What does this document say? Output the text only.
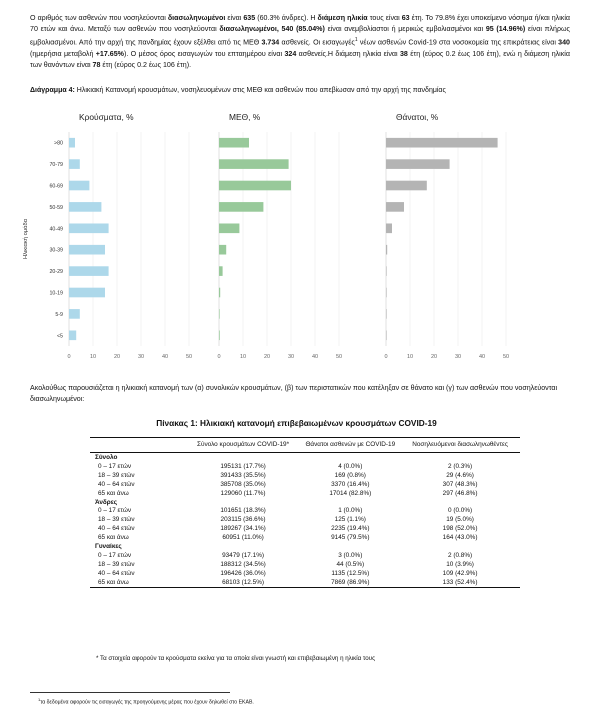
Ο αριθμός των ασθενών που νοσηλεύονται διασωληνωμένοι είναι 635 (60.3% άνδρες). Η διάμεση ηλικία τους είναι 63 έτη. Το 79.8% έχει υποκείμενο νόσημα ή/και ηλικία 70 ετών και άνω. Μεταξύ των ασθενών που νοσηλεύονται διασωληνωμένοι, 540 (85.04%) είναι ανεμβολίαστοι ή μερικώς εμβολιασμένοι και 95 (14.96%) είναι πλήρως εμβολιασμένοι. Από την αρχή της πανδημίας έχουν εξέλθει από τις ΜΕΘ 3.734 ασθενείς. Οι εισαγωγές$^1$ νέων ασθενών Covid-19 στα νοσοκομεία της επικράτειας είναι 340 (ημερήσια μεταβολή +17.65%). Ο μέσος όρος εισαγωγών του επταημέρου είναι 324 ασθενείς.Η διάμεση ηλικία είναι 38 έτη (εύρος 0.2 έως 106 έτη), ενώ η διάμεση ηλικία των θανόντων είναι 78 έτη (εύρος 0.2 έως 106 έτη).
Διάγραμμα 4: Ηλικιακή Κατανομή κρουσμάτων, νοσηλευομένων στις ΜΕΘ και ασθενών που απεβίωσαν από την αρχή της πανδημίας
0	10	20	30	40	50
Κρούσματα, %
0	10	20	30	40	50
ΜΕΘ, %
0	10	20	30	40	50
Θάνατοι, %
>80
70-79
60-69
50-59
40-49
30-39
20-29
10-19
5-9
<5
Ηλικιακή ομάδα
Ακολούθως παρουσιάζεται η ηλικιακή κατανομή των (α) συνολικών κρουσμάτων, (β) των περιστατικών που κατέληξαν σε θάνατο και (γ) των ασθενών που νοσηλεύονται διασωληνωμένοι:
Πίνακας 1: Ηλικιακή κατανομή επιβεβαιωμένων κρουσμάτων COVID-19
	Σύνολο κρουσμάτων COVID-19*	Θάνατοι ασθενών με COVID-19	Νοσηλευόμενοι διασωληνωθέντες
Σύνολο			
0 – 17 ετών	195131 (17.7%)	4 (0.0%)	2 (0.3%)
18 – 39 ετών	391433 (35.5%)	169 (0.8%)	29 (4.6%)
40 – 64 ετών	385708 (35.0%)	3370 (16.4%)	307 (48.3%)
65 και άνω	129060 (11.7%)	17014 (82.8%)	297 (46.8%)
Άνδρες			
0 – 17 ετών	101651 (18.3%)	1 (0.0%)	0 (0.0%)
18 – 39 ετών	203115 (36.6%)	125 (1.1%)	19 (5.0%)
40 – 64 ετών	189267 (34.1%)	2235 (19.4%)	198 (52.0%)
65 και άνω	60951 (11.0%)	9145 (79.5%)	164 (43.0%)
Γυναίκες			
0 – 17 ετών	93479 (17.1%)	3 (0.0%)	2 (0.8%)
18 – 39 ετών	188312 (34.5%)	44 (0.5%)	10 (3.9%)
40 – 64 ετών	196426 (36.0%)	1135 (12.5%)	109 (42.9%)
65 και άνω	68103 (12.5%)	7869 (86.9%)	133 (52.4%)
* Τα στοιχεία αφορούν τα κρούσματα εκείνα για τα οποία είναι γνωστή και επιβεβαιωμένη η ηλικία τους
$^1$τα δεδομένα αφορούν τις εισαγωγές της προηγούμενης μέρας που έχουν δηλωθεί στο ΕΚΑΒ.
